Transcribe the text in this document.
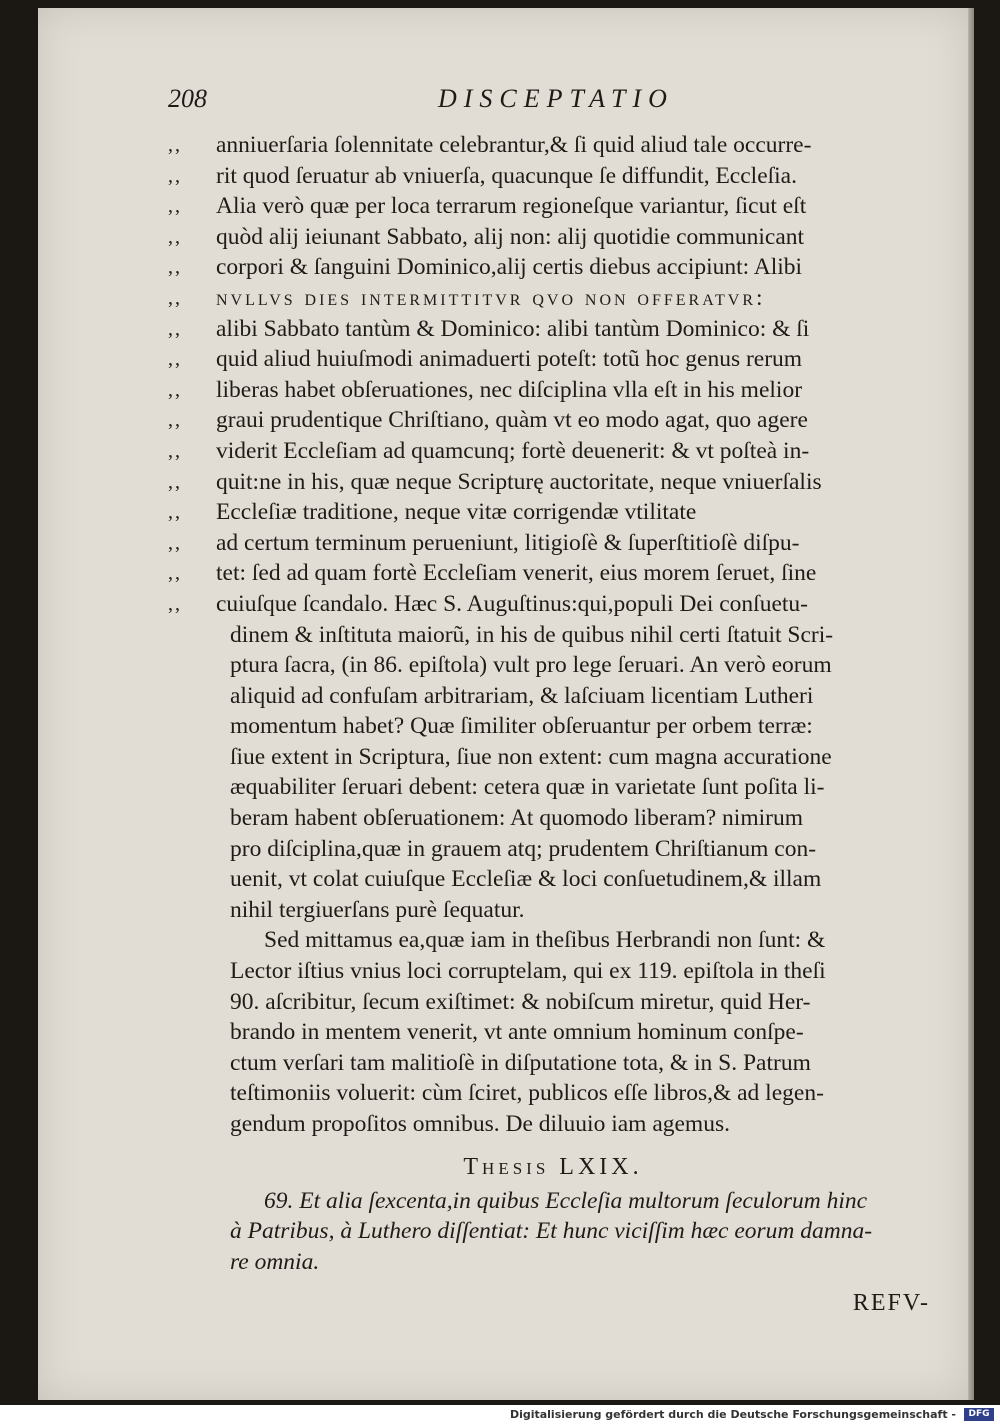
208	DISCEPTATIO
,, anniuerſaria ſolennitate celebrantur,& ſi quid aliud tale occurre-
,, rit quod ſeruatur ab vniuerſa, quacunque ſe diffundit, Eccleſia.
,, Alia verò quæ per loca terrarum regioneſque variantur, ſicut eſt
,, quòd alij ieiunant Sabbato, alij non: alij quotidie communicant
,, corpori & ſanguini Dominico,alij certis diebus accipiunt: Alibi
,, nvllvs dies intermittitvr qvo non offeratvr:
,, alibi Sabbato tantùm & Dominico: alibi tantùm Dominico: & ſi
,, quid aliud huiuſmodi animaduerti poteſt: totũ hoc genus rerum
,, liberas habet obſeruationes, nec diſciplina vlla eſt in his melior
,, graui prudentique Chriſtiano, quàm vt eo modo agat, quo agere
,, viderit Eccleſiam ad quamcunq; fortè deuenerit: & vt poſteà in-
,, quit:ne in his, quæ neque Scripturę auctoritate, neque vniuerſalis
,, Eccleſiæ traditione, neque vitæ corrigendæ vtilitate
,, ad certum terminum perueniunt, litigioſè & ſuperſtitioſè diſpu-
,, tet: ſed ad quam fortè Eccleſiam venerit, eius morem ſeruet, ſine
,, cuiuſque ſcandalo. Hæc S. Auguſtinus:qui,populi Dei conſuetu-
dinem & inſtituta maiorũ, in his de quibus nihil certi ſtatuit Scri-
ptura ſacra, (in 86. epiſtola) vult pro lege ſeruari. An verò eorum
aliquid ad confuſam arbitrariam, & laſciuam licentiam Lutheri
momentum habet? Quæ ſimiliter obſeruantur per orbem terræ:
ſiue extent in Scriptura, ſiue non extent: cum magna accuratione
æquabiliter ſeruari debent: cetera quæ in varietate ſunt poſita li-
beram habent obſeruationem: At quomodo liberam? nimirum
pro diſciplina,quæ in grauem atq; prudentem Chriſtianum con-
uenit, vt colat cuiuſque Eccleſiæ & loci conſuetudinem,& illam
nihil tergiuerſans purè ſequatur.
Sed mittamus ea,quæ iam in theſibus Herbrandi non ſunt: &
Lector iſtius vnius loci corruptelam, qui ex 119. epiſtola in theſi
90. aſcribitur, ſecum exiſtimet: & nobiſcum miretur, quid Her-
brando in mentem venerit, vt ante omnium hominum conſpe-
ctum verſari tam malitioſè in diſputatione tota, & in S. Patrum
teſtimoniis voluerit: cùm ſciret, publicos eſſe libros,& ad legen-
gendum propoſitos omnibus. De diluuio iam agemus.
Thesis LXIX.
69. Et alia ſexcenta,in quibus Eccleſia multorum ſeculorum hinc
à Patribus, à Luthero diſſentiat: Et hunc viciſſim hæc eorum damna-
re omnia.
REFV-
Digitalisierung gefördert durch die Deutsche Forschungsgemeinschaft -	DFG
